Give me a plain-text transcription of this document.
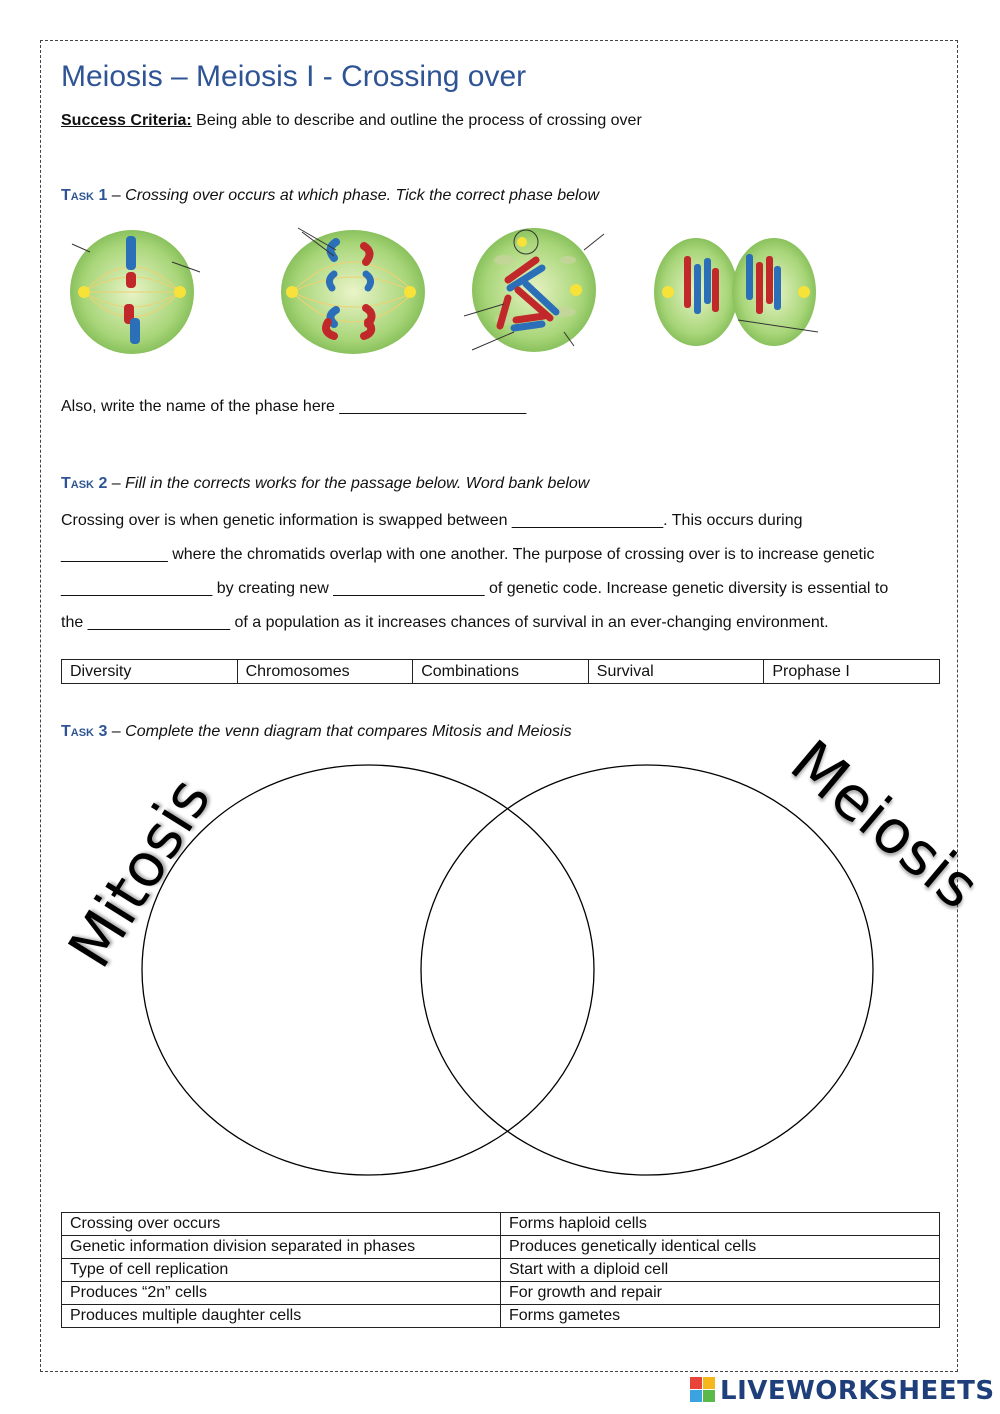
Meiosis – Meiosis I - Crossing over
Success Criteria: Being able to describe and outline the process of crossing over
Task 1 – Crossing over occurs at which phase. Tick the correct phase below
Also, write the name of the phase here _____________________
Task 2 – Fill in the corrects works for the passage below. Word bank below
Crossing over is when genetic information is swapped between _________________. This occurs during
____________ where the chromatids overlap with one another. The purpose of crossing over is to increase genetic
_________________ by creating new _________________ of genetic code. Increase genetic diversity is essential to
the ________________ of a population as it increases chances of survival in an ever-changing environment.
Diversity	Chromosomes	Combinations	Survival	Prophase I
Task 3 – Complete the venn diagram that compares Mitosis and Meiosis
Mitosis	Meiosis
Crossing over occurs	Forms haploid cells
Genetic information division separated in phases	Produces genetically identical cells
Type of cell replication	Start with a diploid cell
Produces “2n” cells	For growth and repair
Produces multiple daughter cells	Forms gametes
LIVEWORKSHEETS
